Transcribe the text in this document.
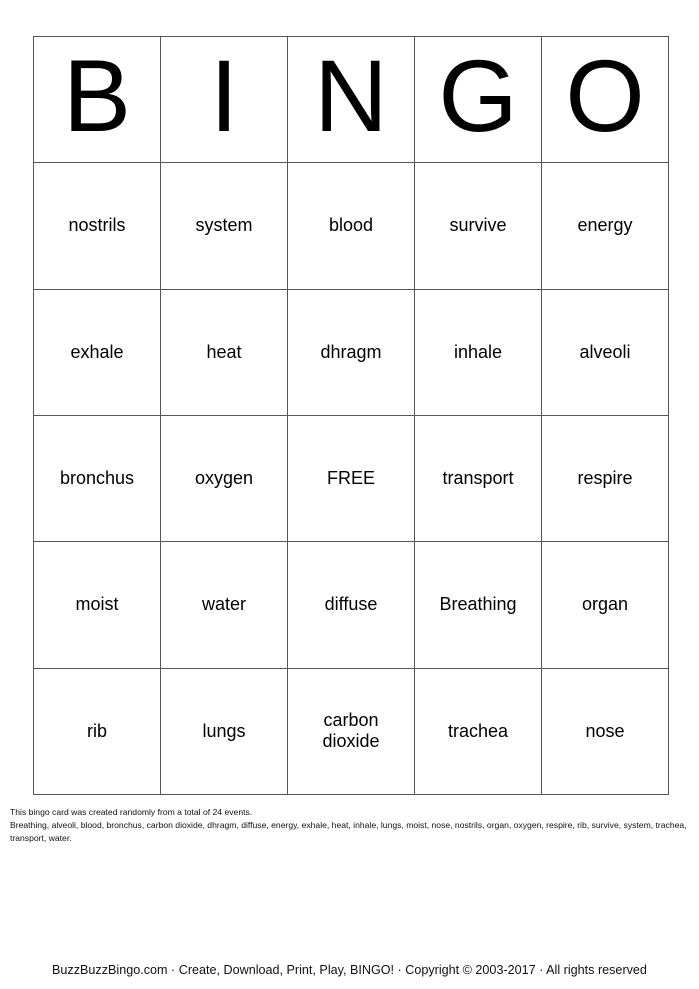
B	I	N	G	O
nostrils	system	blood	survive	energy
exhale	heat	dhragm	inhale	alveoli
bronchus	oxygen	FREE	transport	respire
moist	water	diffuse	Breathing	organ
rib	lungs	carbon dioxide	trachea	nose
This bingo card was created randomly from a total of 24 events.
Breathing, alveoli, blood, bronchus, carbon dioxide, dhragm, diffuse, energy, exhale, heat, inhale, lungs, moist, nose, nostrils, organ, oxygen, respire, rib, survive, system, trachea, transport, water.
BuzzBuzzBingo.com · Create, Download, Print, Play, BINGO! · Copyright © 2003-2017 · All rights reserved
